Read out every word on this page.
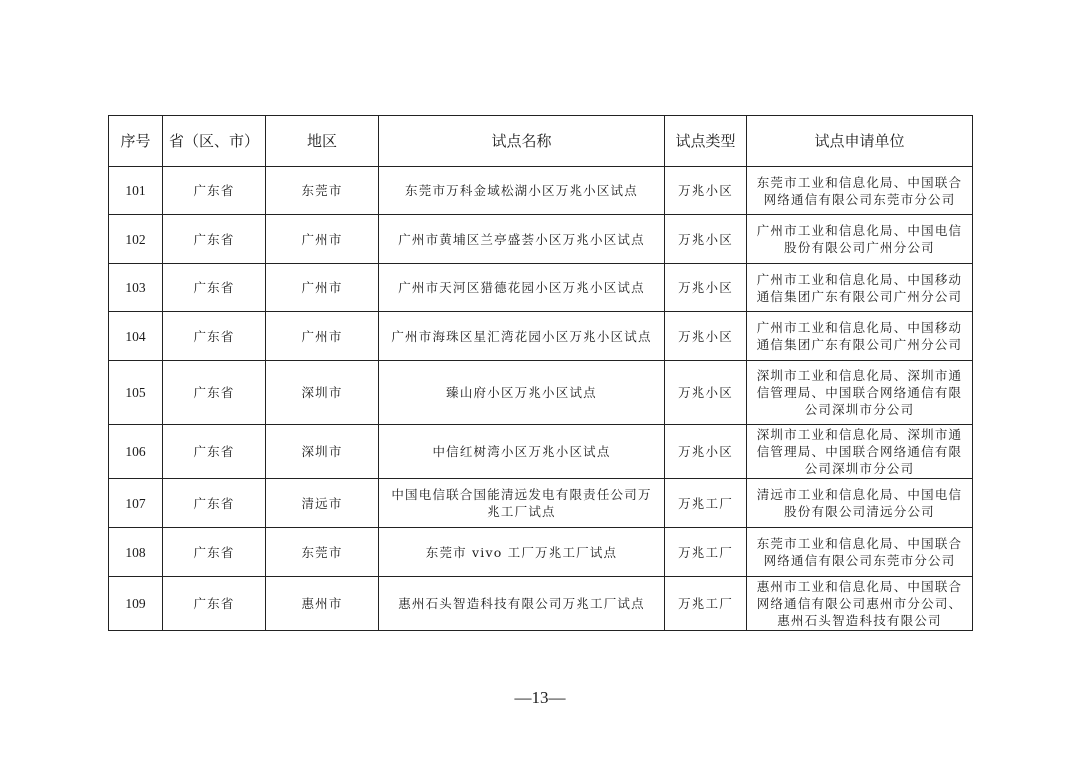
序号	省（区、市）	地区	试点名称	试点类型	试点申请单位
101	广东省	东莞市	东莞市万科金域松湖小区万兆小区试点	万兆小区	东莞市工业和信息化局、中国联合网络通信有限公司东莞市分公司
102	广东省	广州市	广州市黄埔区兰亭盛荟小区万兆小区试点	万兆小区	广州市工业和信息化局、中国电信股份有限公司广州分公司
103	广东省	广州市	广州市天河区猎德花园小区万兆小区试点	万兆小区	广州市工业和信息化局、中国移动通信集团广东有限公司广州分公司
104	广东省	广州市	广州市海珠区星汇湾花园小区万兆小区试点	万兆小区	广州市工业和信息化局、中国移动通信集团广东有限公司广州分公司
105	广东省	深圳市	臻山府小区万兆小区试点	万兆小区	深圳市工业和信息化局、深圳市通信管理局、中国联合网络通信有限公司深圳市分公司
106	广东省	深圳市	中信红树湾小区万兆小区试点	万兆小区	深圳市工业和信息化局、深圳市通信管理局、中国联合网络通信有限公司深圳市分公司
107	广东省	清远市	中国电信联合国能清远发电有限责任公司万兆工厂试点	万兆工厂	清远市工业和信息化局、中国电信股份有限公司清远分公司
108	广东省	东莞市	东莞市 vivo 工厂万兆工厂试点	万兆工厂	东莞市工业和信息化局、中国联合网络通信有限公司东莞市分公司
109	广东省	惠州市	惠州石头智造科技有限公司万兆工厂试点	万兆工厂	惠州市工业和信息化局、中国联合网络通信有限公司惠州市分公司、惠州石头智造科技有限公司
—13—
